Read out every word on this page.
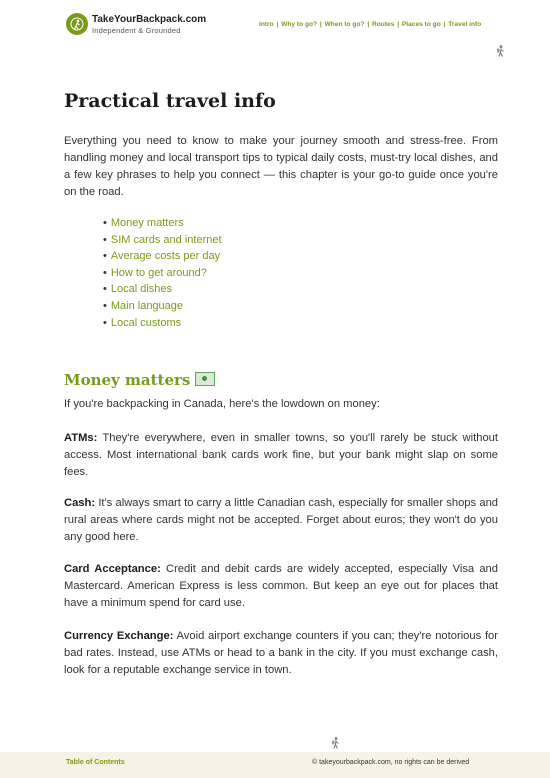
TakeYourBackpack.com
Independent & Grounded
Intro | Why to go? | When to go? | Routes | Places to go | Travel info
Practical travel info

Everything you need to know to make your journey smooth and stress-free. From handling money and local transport tips to typical daily costs, must-try local dishes, and a few key phrases to help you connect — this chapter is your go-to guide once you're on the road.

• Money matters
• SIM cards and internet
• Average costs per day
• How to get around?
• Local dishes
• Main language
• Local customs
Money matters

If you're backpacking in Canada, here's the lowdown on money:

ATMs: They're everywhere, even in smaller towns, so you'll rarely be stuck without access. Most international bank cards work fine, but your bank might slap on some fees.

Cash: It's always smart to carry a little Canadian cash, especially for smaller shops and rural areas where cards might not be accepted. Forget about euros; they won't do you any good here.

Card Acceptance: Credit and debit cards are widely accepted, especially Visa and Mastercard. American Express is less common. But keep an eye out for places that have a minimum spend for card use.

Currency Exchange: Avoid airport exchange counters if you can; they're notorious for bad rates. Instead, use ATMs or head to a bank in the city. If you must exchange cash, look for a reputable exchange service in town.

Table of Contents	© takeyourbackpack.com, no rights can be derived
